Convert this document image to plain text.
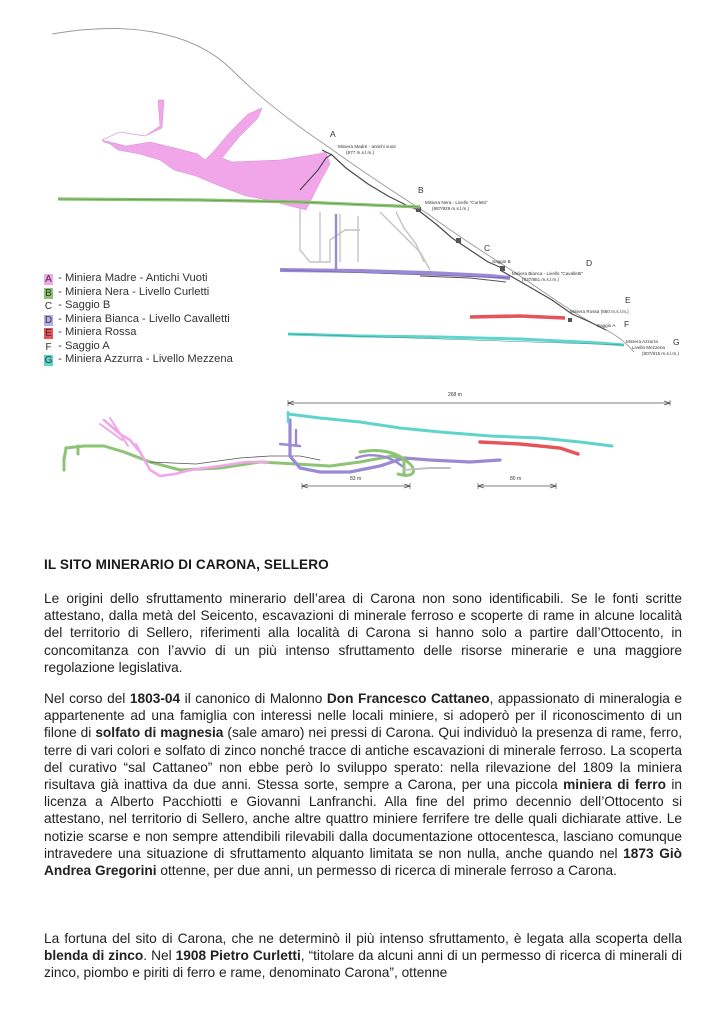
A
B
C
D
E
F
G
Miniera Madre - antichi vuoti
(977 m.s.l.m.)
Miniera Nera - Livello "Curletti"
(887/929 m.s.l.m.)
Saggio B
Miniera Bianca - Livello "Cavalletti"
(837/881 m.s.l.m.)
Miniera Rossa (850 m.s.l.m.)
Saggio A
Miniera Azzurra
Livello Mezzena
(807/815 m.s.l.m.)
268 m
83 m	80 m
A - Miniera Madre - Antichi Vuoti
B - Miniera Nera - Livello Curletti
C - Saggio B
D - Miniera Bianca - Livello Cavalletti
E - Miniera Rossa
F - Saggio A
G - Miniera Azzurra - Livello Mezzena
IL SITO MINERARIO DI CARONA, SELLERO

Le origini dello sfruttamento minerario dell’area di Carona non sono identificabili. Se le fonti scritte attestano, dalla metà del Seicento, escavazioni di minerale ferroso e scoperte di rame in alcune località del territorio di Sellero, riferimenti alla località di Carona si hanno solo a partire dall’Ottocento, in concomitanza con l’avvio di un più intenso sfruttamento delle risorse minerarie e una maggiore regolazione legislativa.

Nel corso del 1803-04 il canonico di Malonno Don Francesco Cattaneo, appassionato di mineralogia e appartenente ad una famiglia con interessi nelle locali miniere, si adoperò per il riconoscimento di un filone di solfato di magnesia (sale amaro) nei pressi di Carona. Qui individuò la presenza di rame, ferro, terre di vari colori e solfato di zinco nonché tracce di antiche escavazioni di minerale ferroso. La scoperta del curativo “sal Cattaneo” non ebbe però lo sviluppo sperato: nella rilevazione del 1809 la miniera risultava già inattiva da due anni. Stessa sorte, sempre a Carona, per una piccola miniera di ferro in licenza a Alberto Pacchiotti e Giovanni Lanfranchi. Alla fine del primo decennio dell’Ottocento si attestano, nel territorio di Sellero, anche altre quattro miniere ferrifere tre delle quali dichiarate attive. Le notizie scarse e non sempre attendibili rilevabili dalla documentazione ottocentesca, lasciano comunque intravedere una situazione di sfruttamento alquanto limitata se non nulla, anche quando nel 1873 Giò Andrea Gregorini ottenne, per due anni, un permesso di ricerca di minerale ferroso a Carona.

La fortuna del sito di Carona, che ne determinò il più intenso sfruttamento, è legata alla scoperta della blenda di zinco. Nel 1908 Pietro Curletti, “titolare da alcuni anni di un permesso di ricerca di minerali di zinco, piombo e piriti di ferro e rame, denominato Carona”, ottenne
